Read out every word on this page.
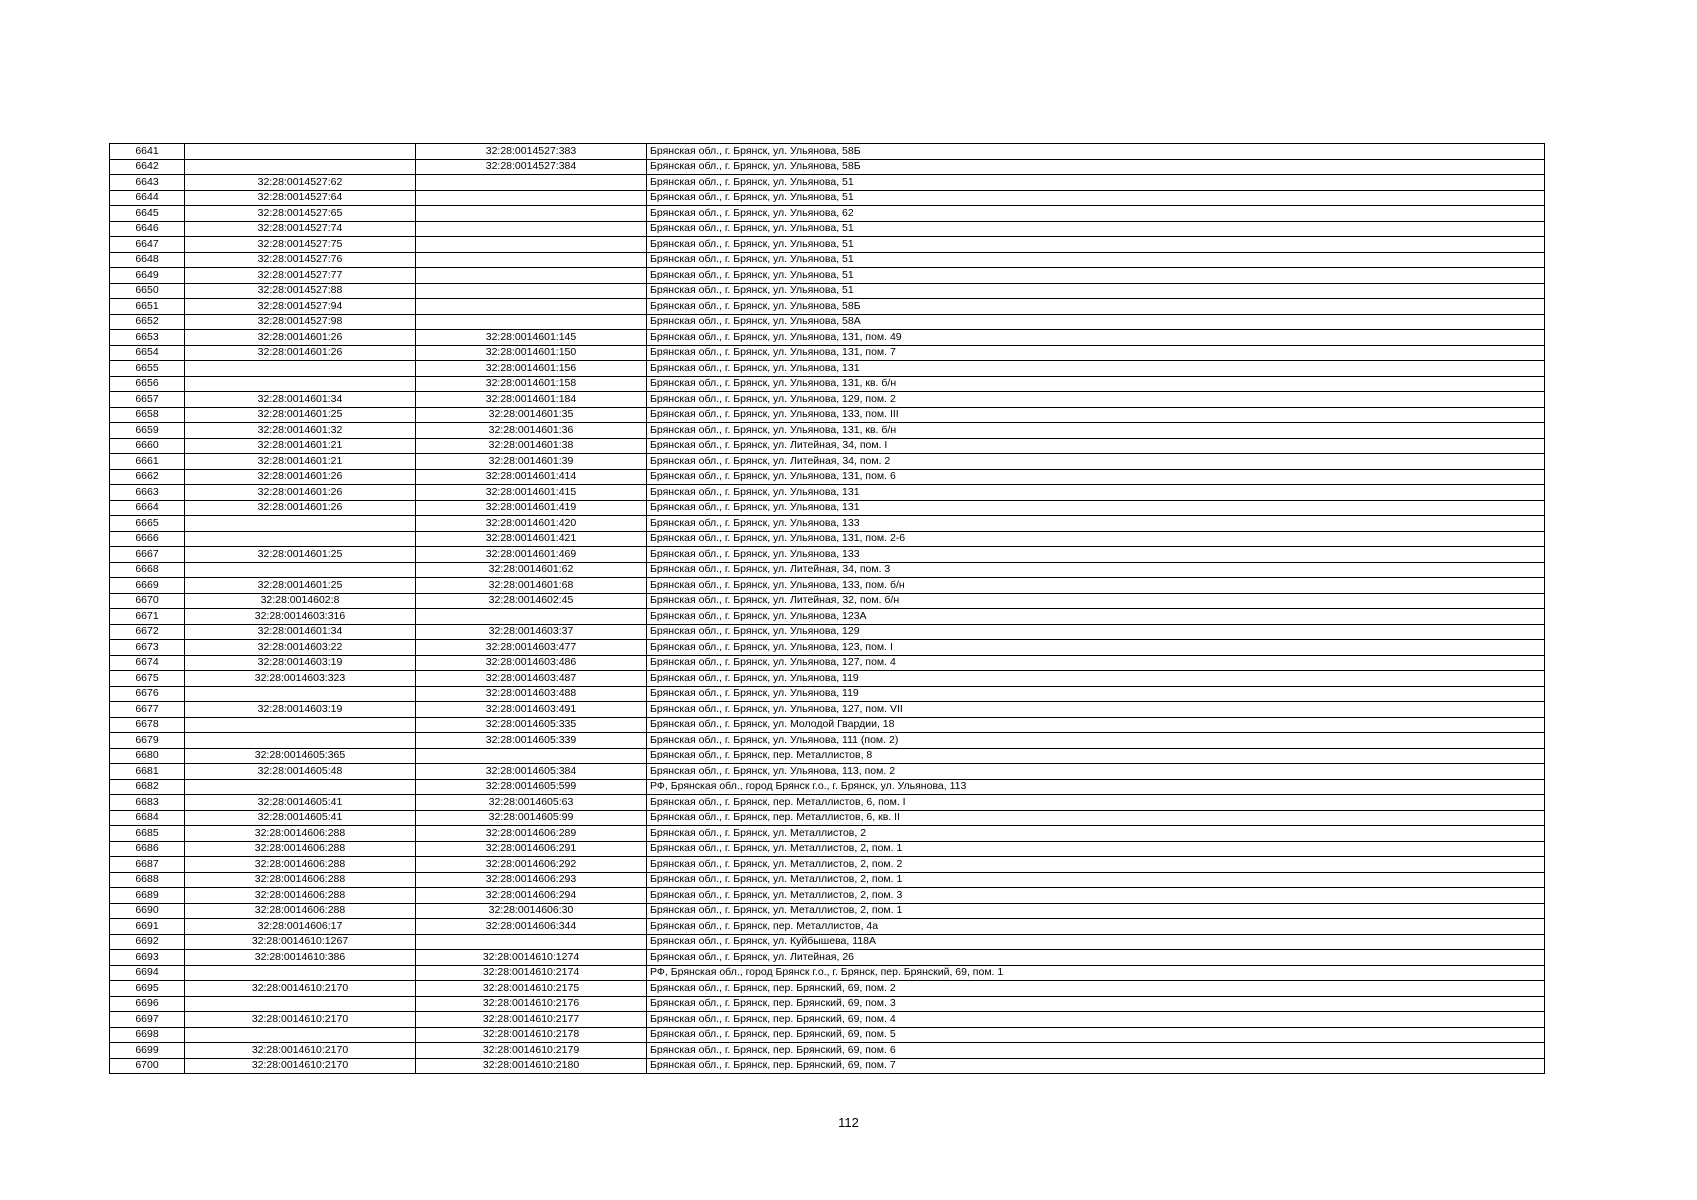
6641		32:28:0014527:383	Брянская обл., г. Брянск, ул. Ульянова, 58Б
6642		32:28:0014527:384	Брянская обл., г. Брянск, ул. Ульянова, 58Б
6643	32:28:0014527:62		Брянская обл., г. Брянск, ул. Ульянова, 51
6644	32:28:0014527:64		Брянская обл., г. Брянск, ул. Ульянова, 51
6645	32:28:0014527:65		Брянская обл., г. Брянск, ул. Ульянова, 62
6646	32:28:0014527:74		Брянская обл., г. Брянск, ул. Ульянова, 51
6647	32:28:0014527:75		Брянская обл., г. Брянск, ул. Ульянова, 51
6648	32:28:0014527:76		Брянская обл., г. Брянск, ул. Ульянова, 51
6649	32:28:0014527:77		Брянская обл., г. Брянск, ул. Ульянова, 51
6650	32:28:0014527:88		Брянская обл., г. Брянск, ул. Ульянова, 51
6651	32:28:0014527:94		Брянская обл., г. Брянск, ул. Ульянова, 58Б
6652	32:28:0014527:98		Брянская обл., г. Брянск, ул. Ульянова, 58А
6653	32:28:0014601:26	32:28:0014601:145	Брянская обл., г. Брянск, ул. Ульянова, 131, пом. 49
6654	32:28:0014601:26	32:28:0014601:150	Брянская обл., г. Брянск, ул. Ульянова, 131, пом. 7
6655		32:28:0014601:156	Брянская обл., г. Брянск, ул. Ульянова, 131
6656		32:28:0014601:158	Брянская обл., г. Брянск, ул. Ульянова, 131, кв. б/н
6657	32:28:0014601:34	32:28:0014601:184	Брянская обл., г. Брянск, ул. Ульянова, 129, пом. 2
6658	32:28:0014601:25	32:28:0014601:35	Брянская обл., г. Брянск, ул. Ульянова, 133, пом. III
6659	32:28:0014601:32	32:28:0014601:36	Брянская обл., г. Брянск, ул. Ульянова, 131, кв. б/н
6660	32:28:0014601:21	32:28:0014601:38	Брянская обл., г. Брянск, ул. Литейная, 34, пом. I
6661	32:28:0014601:21	32:28:0014601:39	Брянская обл., г. Брянск, ул. Литейная, 34, пом. 2
6662	32:28:0014601:26	32:28:0014601:414	Брянская обл., г. Брянск, ул. Ульянова, 131, пом. 6
6663	32:28:0014601:26	32:28:0014601:415	Брянская обл., г. Брянск, ул. Ульянова, 131
6664	32:28:0014601:26	32:28:0014601:419	Брянская обл., г. Брянск, ул. Ульянова, 131
6665		32:28:0014601:420	Брянская обл., г. Брянск, ул. Ульянова, 133
6666		32:28:0014601:421	Брянская обл., г. Брянск, ул. Ульянова, 131, пом. 2-6
6667	32:28:0014601:25	32:28:0014601:469	Брянская обл., г. Брянск, ул. Ульянова, 133
6668		32:28:0014601:62	Брянская обл., г. Брянск, ул. Литейная, 34, пом. 3
6669	32:28:0014601:25	32:28:0014601:68	Брянская обл., г. Брянск, ул. Ульянова, 133, пом. б/н
6670	32:28:0014602:8	32:28:0014602:45	Брянская обл., г. Брянск, ул. Литейная, 32, пом. б/н
6671	32:28:0014603:316		Брянская обл., г. Брянск, ул. Ульянова, 123А
6672	32:28:0014601:34	32:28:0014603:37	Брянская обл., г. Брянск, ул. Ульянова, 129
6673	32:28:0014603:22	32:28:0014603:477	Брянская обл., г. Брянск, ул. Ульянова, 123, пом. I
6674	32:28:0014603:19	32:28:0014603:486	Брянская обл., г. Брянск, ул. Ульянова, 127, пом. 4
6675	32:28:0014603:323	32:28:0014603:487	Брянская обл., г. Брянск, ул. Ульянова, 119
6676		32:28:0014603:488	Брянская обл., г. Брянск, ул. Ульянова, 119
6677	32:28:0014603:19	32:28:0014603:491	Брянская обл., г. Брянск, ул. Ульянова, 127, пом. VII
6678		32:28:0014605:335	Брянская обл., г. Брянск, ул. Молодой Гвардии, 18
6679		32:28:0014605:339	Брянская обл., г. Брянск, ул. Ульянова, 111 (пом. 2)
6680	32:28:0014605:365		Брянская обл., г. Брянск, пер. Металлистов, 8
6681	32:28:0014605:48	32:28:0014605:384	Брянская обл., г. Брянск, ул. Ульянова, 113, пом. 2
6682		32:28:0014605:599	РФ, Брянская обл., город Брянск г.о., г. Брянск, ул. Ульянова, 113
6683	32:28:0014605:41	32:28:0014605:63	Брянская обл., г. Брянск, пер. Металлистов, 6, пом. I
6684	32:28:0014605:41	32:28:0014605:99	Брянская обл., г. Брянск, пер. Металлистов, 6, кв. II
6685	32:28:0014606:288	32:28:0014606:289	Брянская обл., г. Брянск, ул. Металлистов, 2
6686	32:28:0014606:288	32:28:0014606:291	Брянская обл., г. Брянск, ул. Металлистов, 2, пом. 1
6687	32:28:0014606:288	32:28:0014606:292	Брянская обл., г. Брянск, ул. Металлистов, 2, пом. 2
6688	32:28:0014606:288	32:28:0014606:293	Брянская обл., г. Брянск, ул. Металлистов, 2, пом. 1
6689	32:28:0014606:288	32:28:0014606:294	Брянская обл., г. Брянск, ул. Металлистов, 2, пом. 3
6690	32:28:0014606:288	32:28:0014606:30	Брянская обл., г. Брянск, ул. Металлистов, 2, пом. 1
6691	32:28:0014606:17	32:28:0014606:344	Брянская обл., г. Брянск, пер. Металлистов, 4а
6692	32:28:0014610:1267		Брянская обл., г. Брянск, ул. Куйбышева, 118А
6693	32:28:0014610:386	32:28:0014610:1274	Брянская обл., г. Брянск, ул. Литейная, 26
6694		32:28:0014610:2174	РФ, Брянская обл., город Брянск г.о., г. Брянск, пер. Брянский, 69, пом. 1
6695	32:28:0014610:2170	32:28:0014610:2175	Брянская обл., г. Брянск, пер. Брянский, 69, пом. 2
6696		32:28:0014610:2176	Брянская обл., г. Брянск, пер. Брянский, 69, пом. 3
6697	32:28:0014610:2170	32:28:0014610:2177	Брянская обл., г. Брянск, пер. Брянский, 69, пом. 4
6698		32:28:0014610:2178	Брянская обл., г. Брянск, пер. Брянский, 69, пом. 5
6699	32:28:0014610:2170	32:28:0014610:2179	Брянская обл., г. Брянск, пер. Брянский, 69, пом. 6
6700	32:28:0014610:2170	32:28:0014610:2180	Брянская обл., г. Брянск, пер. Брянский, 69, пом. 7
112
